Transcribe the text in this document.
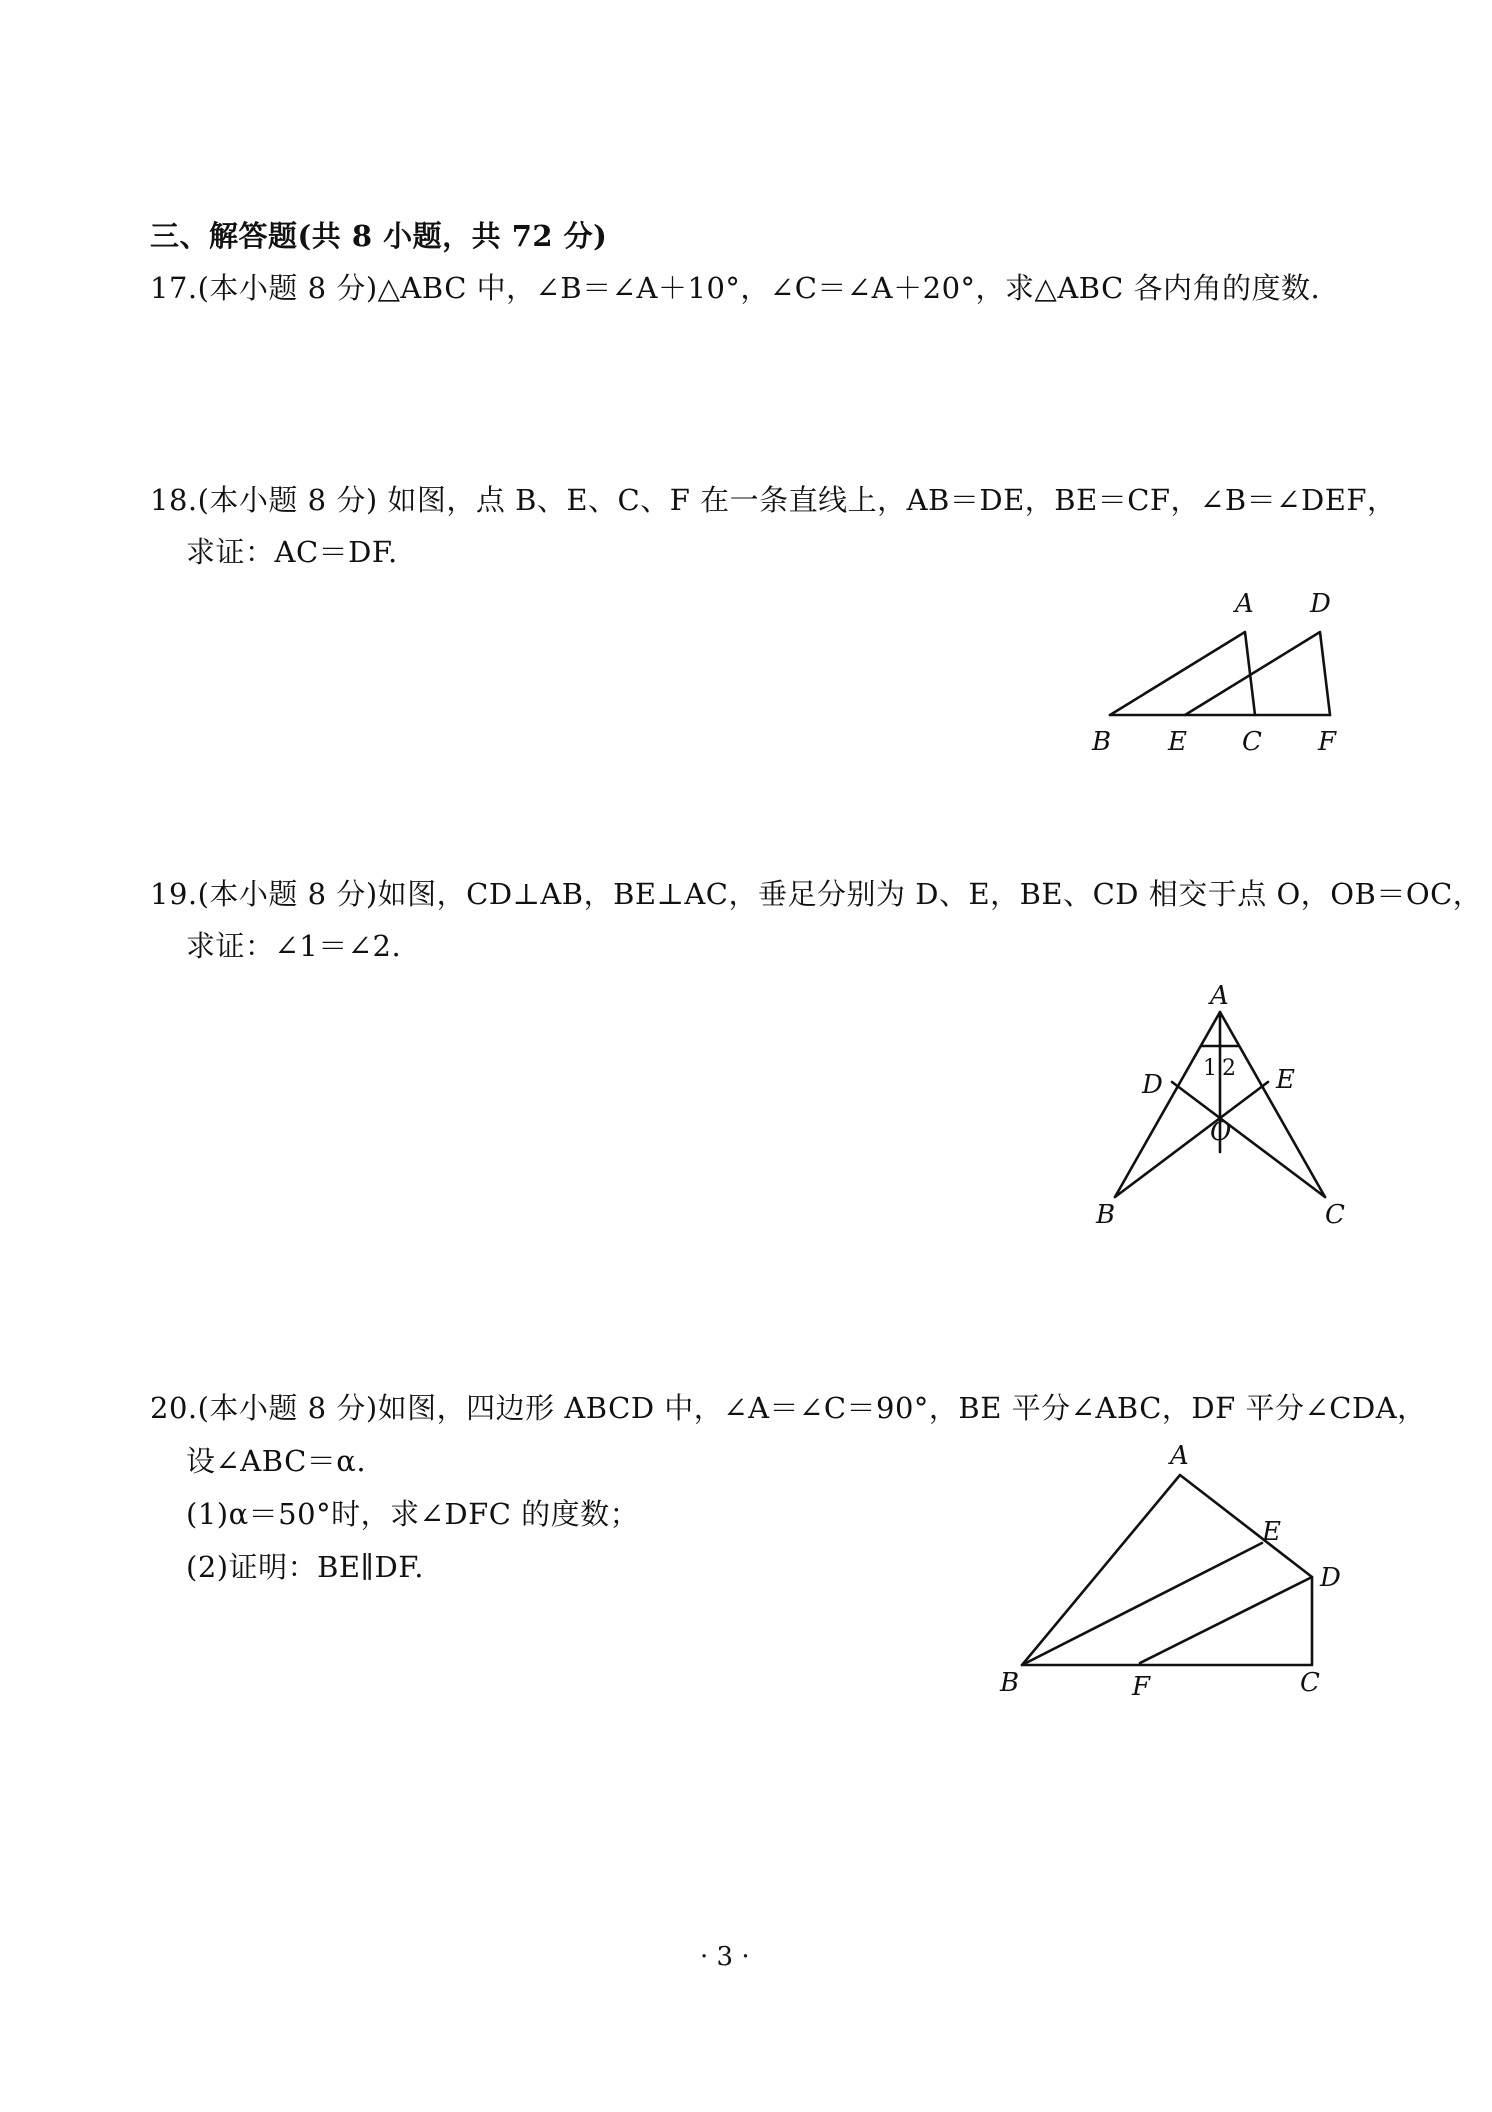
三、解答题(共 8 小题，共 72 分)
17.(本小题 8 分)△ABC 中，∠B＝∠A＋10°，∠C＝∠A＋20°，求△ABC 各内角的度数.
18.(本小题 8 分) 如图，点 B、E、C、F 在一条直线上，AB＝DE，BE＝CF，∠B＝∠DEF，
求证：AC＝DF.
A D
B E C F
19.(本小题 8 分)如图，CD⊥AB，BE⊥AC，垂足分别为 D、E，BE、CD 相交于点 O，OB＝OC，
求证：∠1＝∠2.
A
D	E
O
B	C
1 2
20.(本小题 8 分)如图，四边形 ABCD 中，∠A＝∠C＝90°，BE 平分∠ABC，DF 平分∠CDA，
设∠ABC＝α.
(1)α＝50°时，求∠DFC 的度数；
(2)证明：BE∥DF.
A
E
D
B	F	C
· 3 ·
